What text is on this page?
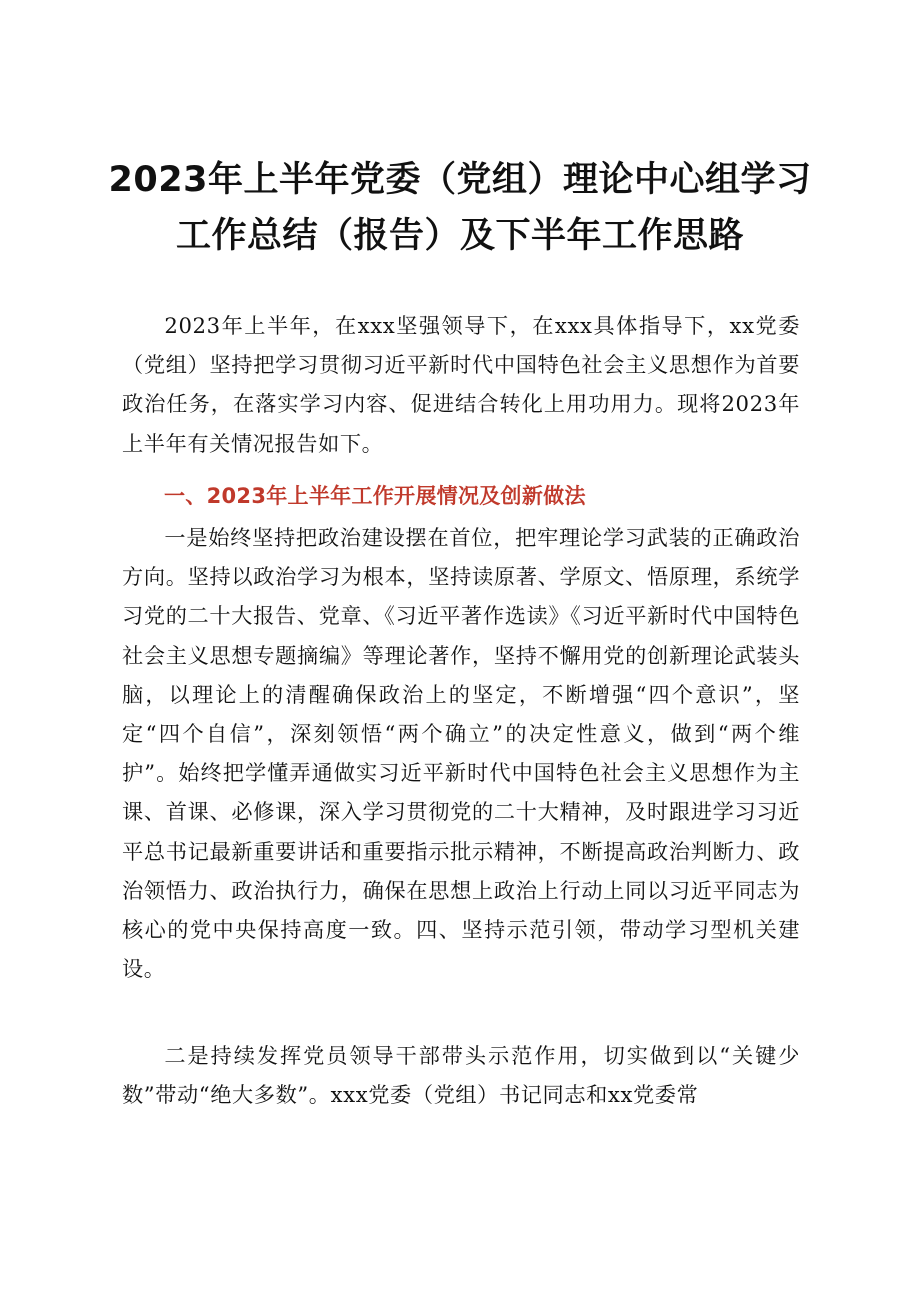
2023年上半年党委（党组）理论中心组学习
工作总结（报告）及下半年工作思路

2023年上半年，在xxx坚强领导下，在xxx具体指导下，xx党委（党组）坚持把学习贯彻习近平新时代中国特色社会主义思想作为首要政治任务，在落实学习内容、促进结合转化上用功用力。现将2023年上半年有关情况报告如下。

一、2023年上半年工作开展情况及创新做法

一是始终坚持把政治建设摆在首位，把牢理论学习武装的正确政治方向。坚持以政治学习为根本，坚持读原著、学原文、悟原理，系统学习党的二十大报告、党章、《习近平著作选读》《习近平新时代中国特色社会主义思想专题摘编》等理论著作，坚持不懈用党的创新理论武装头脑，以理论上的清醒确保政治上的坚定，不断增强“四个意识”，坚定“四个自信”，深刻领悟“两个确立”的决定性意义，做到“两个维护”。始终把学懂弄通做实习近平新时代中国特色社会主义思想作为主课、首课、必修课，深入学习贯彻党的二十大精神，及时跟进学习习近平总书记最新重要讲话和重要指示批示精神，不断提高政治判断力、政治领悟力、政治执行力，确保在思想上政治上行动上同以习近平同志为核心的党中央保持高度一致。四、坚持示范引领，带动学习型机关建设。

二是持续发挥党员领导干部带头示范作用，切实做到以“关键少数”带动“绝大多数”。xxx党委（党组）书记同志和xx党委常
